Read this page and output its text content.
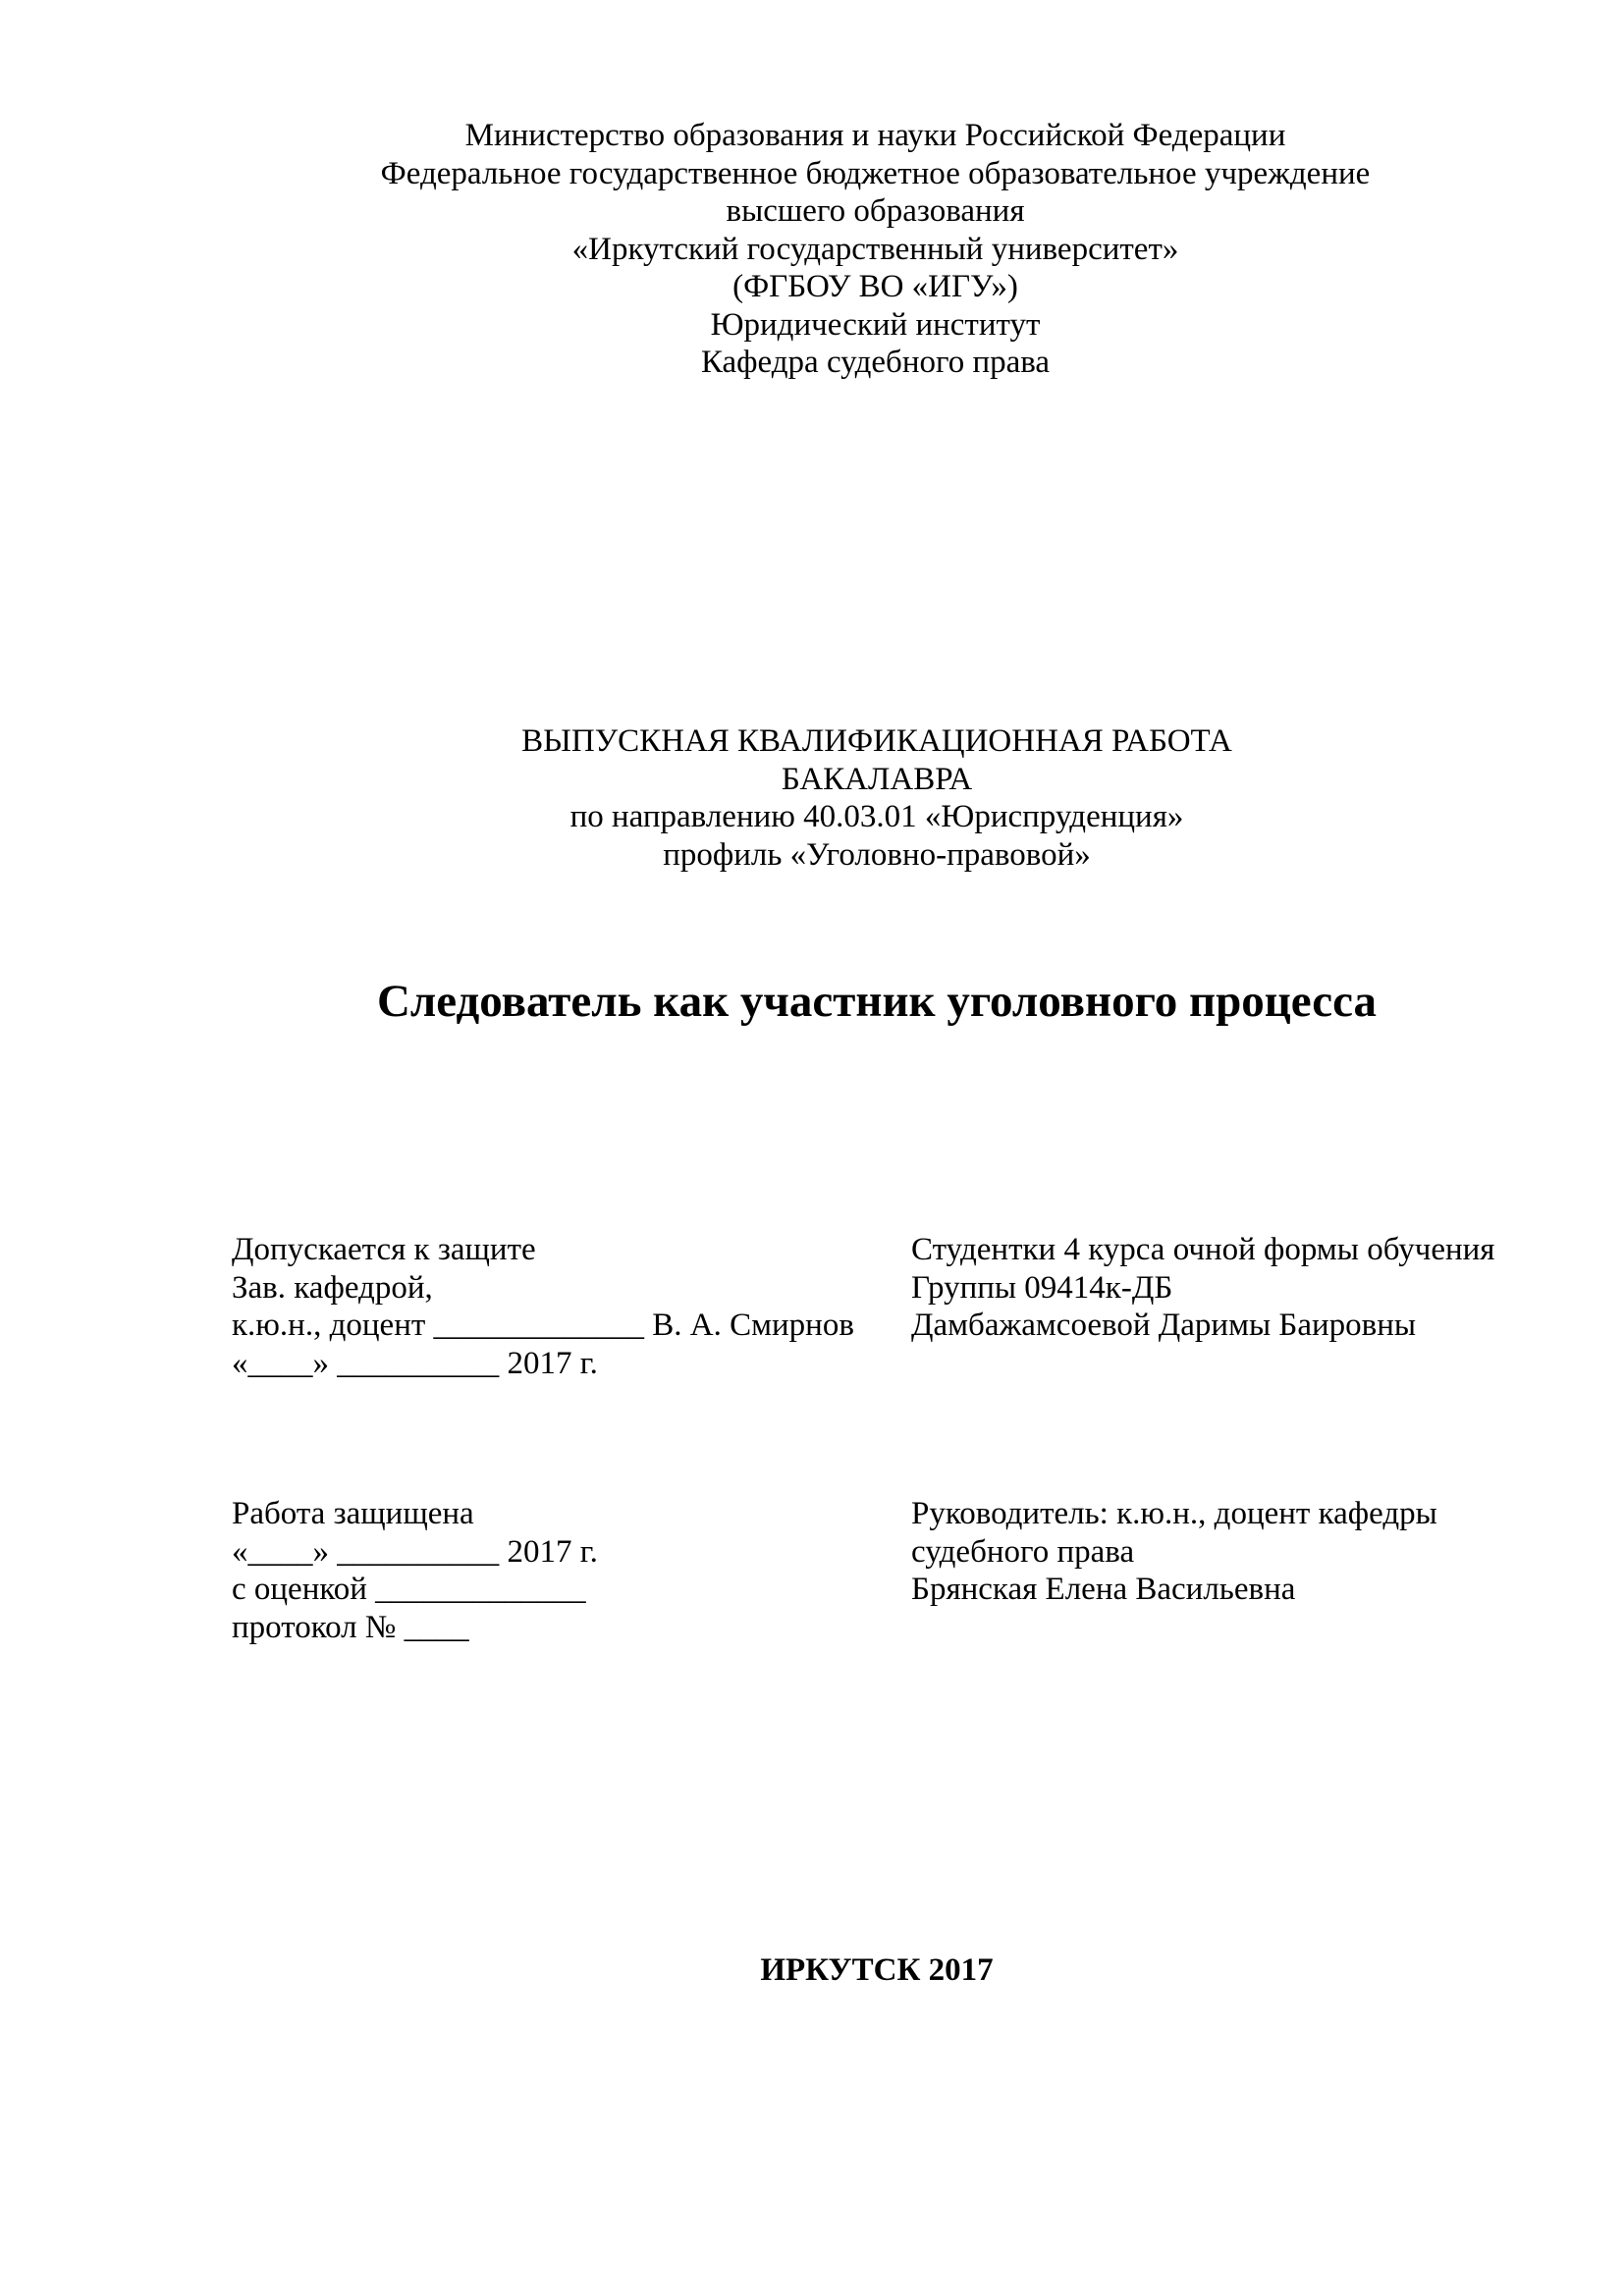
Министерство образования и науки Российской Федерации
Федеральное государственное бюджетное образовательное учреждение
высшего образования
«Иркутский государственный университет»
(ФГБОУ ВО «ИГУ»)
Юридический институт
Кафедра судебного права
ВЫПУСКНАЯ КВАЛИФИКАЦИОННАЯ РАБОТА
БАКАЛАВРА
по направлению 40.03.01 «Юриспруденция»
профиль «Уголовно-правовой»
Следователь как участник уголовного процесса
Допускается к защите
Зав. кафедрой,
к.ю.н., доцент _____________ В. А. Смирнов
«____» __________ 2017 г.
Студентки 4 курса очной формы обучения
Группы 09414к-ДБ
Дамбажамсоевой Даримы Баировны
Работа защищена
«____» __________ 2017 г.
с оценкой _____________
протокол № ____
Руководитель: к.ю.н., доцент кафедры
судебного права
Брянская Елена Васильевна
ИРКУТСК 2017
